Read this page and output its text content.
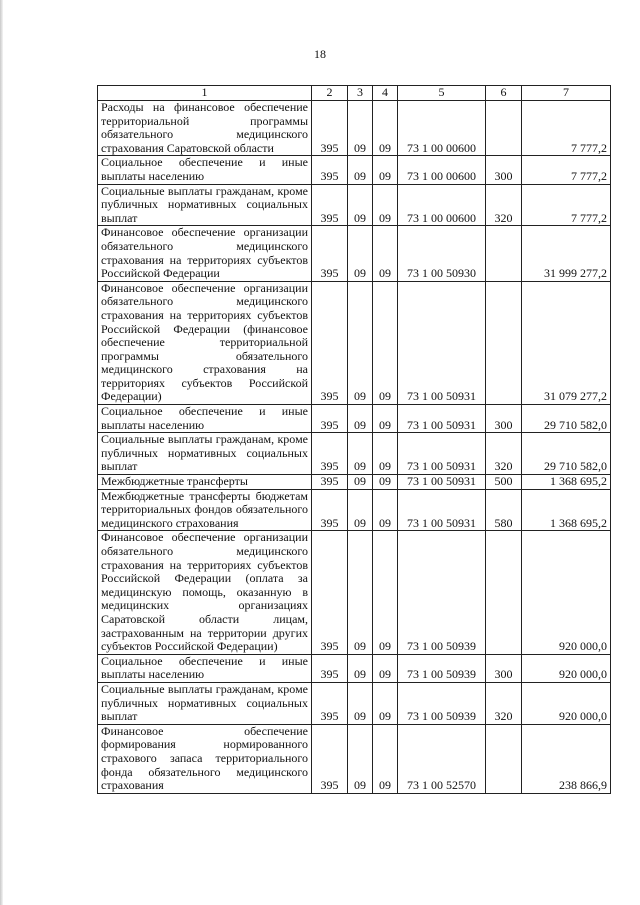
18
1	2	3	4	5	6	7
Расходы на финансовое обеспечение территориальной программы обязательного медицинского страхования Саратовской области	395	09	09	73 1 00 00600		7 777,2
Социальное обеспечение и иные выплаты населению	395	09	09	73 1 00 00600	300	7 777,2
Социальные выплаты гражданам, кроме публичных нормативных социальных выплат	395	09	09	73 1 00 00600	320	7 777,2
Финансовое обеспечение организации обязательного медицинского страхования на территориях субъектов Российской Федерации	395	09	09	73 1 00 50930		31 999 277,2
Финансовое обеспечение организации обязательного медицинского страхования на территориях субъектов Российской Федерации (финансовое обеспечение территориальной программы обязательного медицинского страхования на территориях субъектов Российской Федерации)	395	09	09	73 1 00 50931		31 079 277,2
Социальное обеспечение и иные выплаты населению	395	09	09	73 1 00 50931	300	29 710 582,0
Социальные выплаты гражданам, кроме публичных нормативных социальных выплат	395	09	09	73 1 00 50931	320	29 710 582,0
Межбюджетные трансферты	395	09	09	73 1 00 50931	500	1 368 695,2
Межбюджетные трансферты бюджетам территориальных фондов обязательного медицинского страхования	395	09	09	73 1 00 50931	580	1 368 695,2
Финансовое обеспечение организации обязательного медицинского страхования на территориях субъектов Российской Федерации (оплата за медицинскую помощь, оказанную в медицинских организациях Саратовской области лицам, застрахованным на территории других субъектов Российской Федерации)	395	09	09	73 1 00 50939		920 000,0
Социальное обеспечение и иные выплаты населению	395	09	09	73 1 00 50939	300	920 000,0
Социальные выплаты гражданам, кроме публичных нормативных социальных выплат	395	09	09	73 1 00 50939	320	920 000,0
Финансовое обеспечение формирования нормированного страхового запаса территориального фонда обязательного медицинского страхования	395	09	09	73 1 00 52570		238 866,9
